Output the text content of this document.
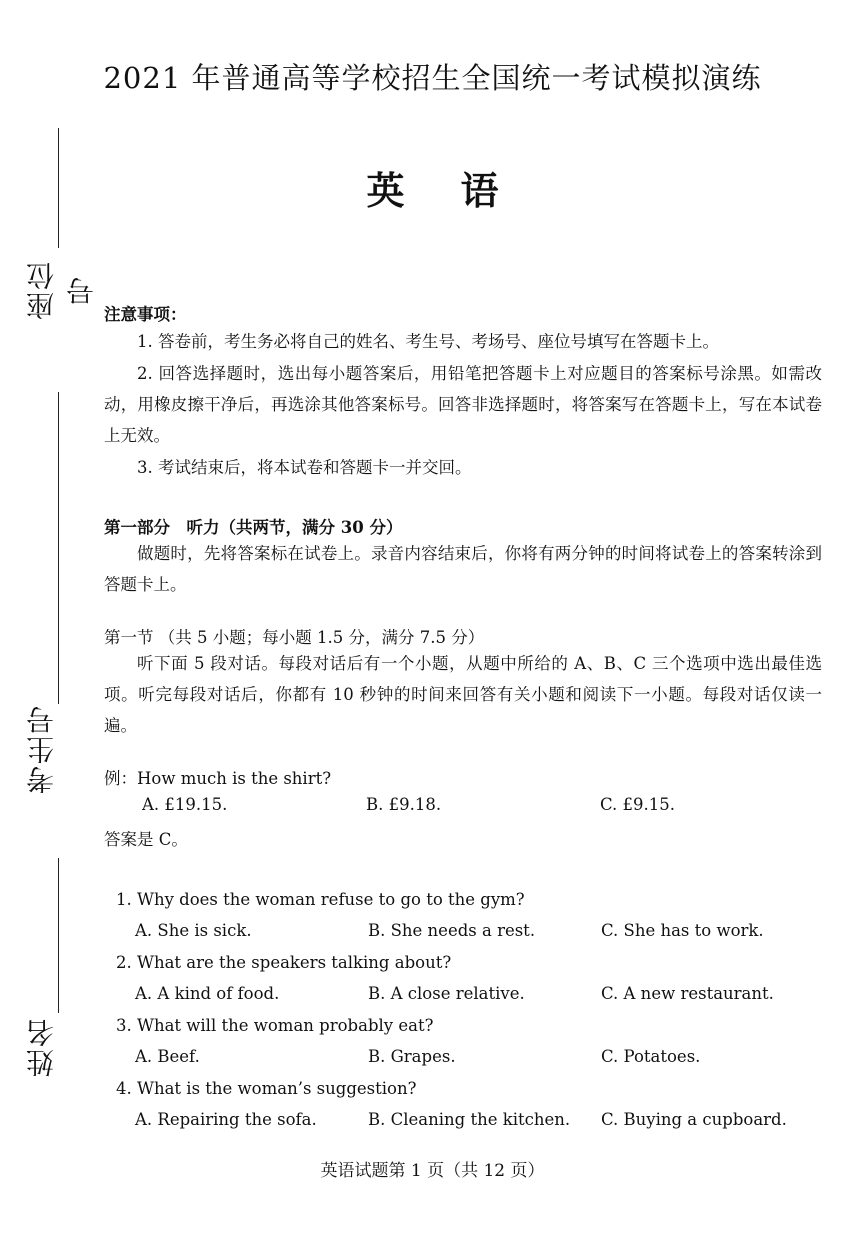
座位号
考生号
姓名
2021 年普通高等学校招生全国统一考试模拟演练
英语
注意事项：
1. 答卷前，考生务必将自己的姓名、考生号、考场号、座位号填写在答题卡上。
2. 回答选择题时，选出每小题答案后，用铅笔把答题卡上对应题目的答案标号涂黑。如需改动，用橡皮擦干净后，再选涂其他答案标号。回答非选择题时，将答案写在答题卡上，写在本试卷上无效。
3. 考试结束后，将本试卷和答题卡一并交回。
第一部分　听力（共两节，满分 30 分）
做题时，先将答案标在试卷上。录音内容结束后，你将有两分钟的时间将试卷上的答案转涂到答题卡上。
第一节 （共 5 小题；每小题 1.5 分，满分 7.5 分）
听下面 5 段对话。每段对话后有一个小题，从题中所给的 A、B、C 三个选项中选出最佳选项。听完每段对话后，你都有 10 秒钟的时间来回答有关小题和阅读下一小题。每段对话仅读一遍。
例：How much is the shirt?
A. £19.15.	B. £9.18.	C. £9.15.
答案是 C。
1. Why does the woman refuse to go to the gym?
A. She is sick.	B. She needs a rest.	C. She has to work.
2. What are the speakers talking about?
A. A kind of food.	B. A close relative.	C. A new restaurant.
3. What will the woman probably eat?
A. Beef.	B. Grapes.	C. Potatoes.
4. What is the woman’s suggestion?
A. Repairing the sofa.	B. Cleaning the kitchen. C. Buying a cupboard.
英语试题第 1 页（共 12 页）
